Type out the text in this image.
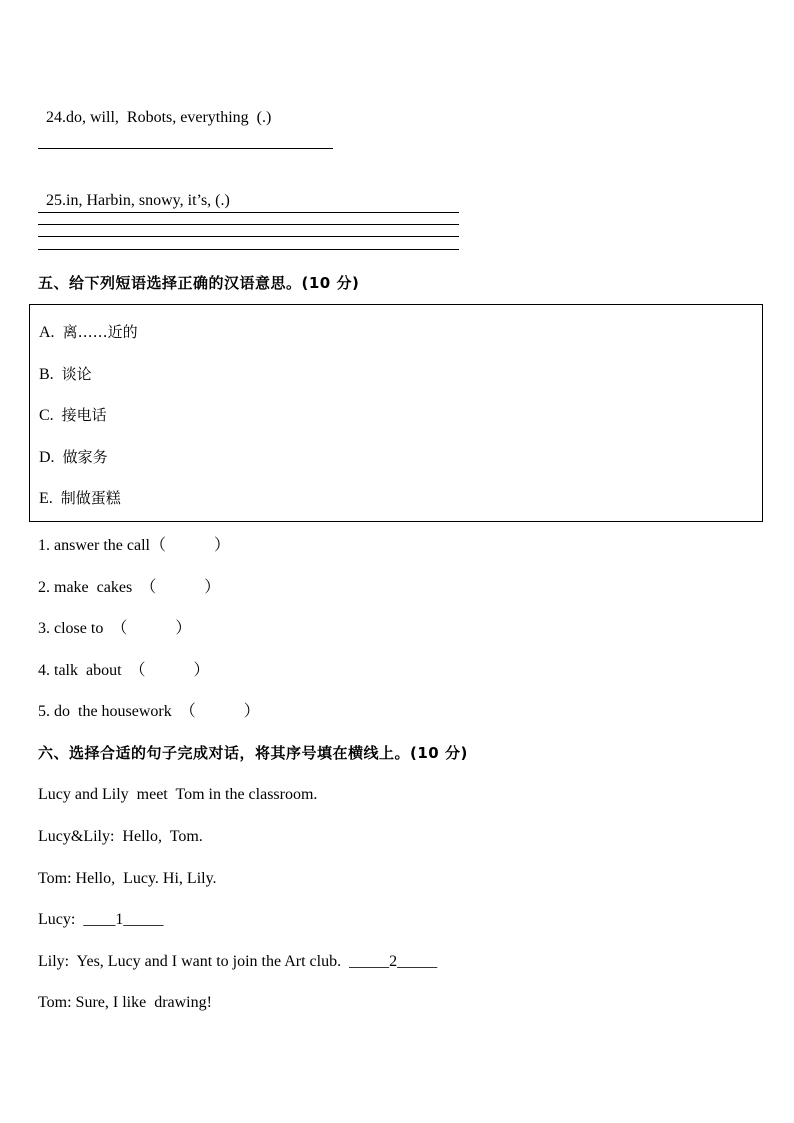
24.do, will,  Robots, everything  (.)

25.in, Harbin, snowy, it’s, (.)

五、给下列短语选择正确的汉语意思。(10 分)
A. 离……近的
B. 谈论
C. 接电话
D. 做家务
E. 制做蛋糕
1. answer the call（            ）
2. make  cakes  （            ）
3. close to  （            ）
4. talk  about  （            ）
5. do  the housework  （            ）
六、选择合适的句子完成对话，将其序号填在横线上。(10 分)
Lucy and Lily  meet  Tom in the classroom.
Lucy&Lily:  Hello,  Tom.
Tom: Hello,  Lucy. Hi, Lily.
Lucy:  ____1_____
Lily:  Yes, Lucy and I want to join the Art club.  _____2_____
Tom: Sure, I like  drawing!
